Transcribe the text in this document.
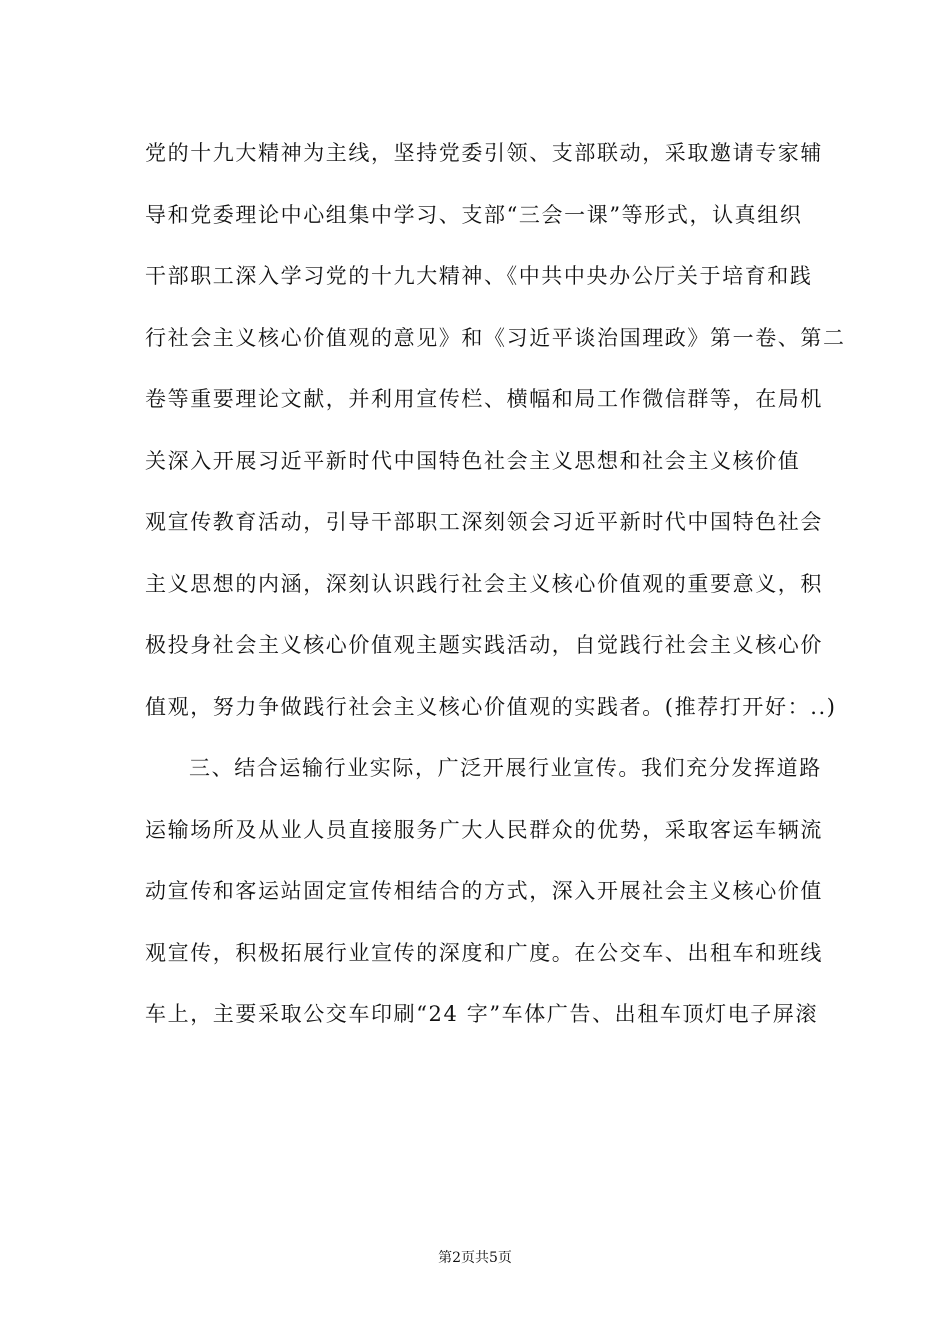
党的十九大精神为主线，坚持党委引领、支部联动，采取邀请专家辅
导和党委理论中心组集中学习、支部“三会一课”等形式，认真组织
干部职工深入学习党的十九大精神、《中共中央办公厅关于培育和践
行社会主义核心价值观的意见》和《习近平谈治国理政》第一卷、第二
卷等重要理论文献，并利用宣传栏、横幅和局工作微信群等，在局机
关深入开展习近平新时代中国特色社会主义思想和社会主义核价值
观宣传教育活动，引导干部职工深刻领会习近平新时代中国特色社会
主义思想的内涵，深刻认识践行社会主义核心价值观的重要意义，积
极投身社会主义核心价值观主题实践活动，自觉践行社会主义核心价
值观，努力争做践行社会主义核心价值观的实践者。(推荐打开好：..)
三、结合运输行业实际，广泛开展行业宣传。我们充分发挥道路
运输场所及从业人员直接服务广大人民群众的优势，采取客运车辆流
动宣传和客运站固定宣传相结合的方式，深入开展社会主义核心价值
观宣传，积极拓展行业宣传的深度和广度。在公交车、出租车和班线
车上，主要采取公交车印刷“24 字”车体广告、出租车顶灯电子屏滚
第2页共5页
